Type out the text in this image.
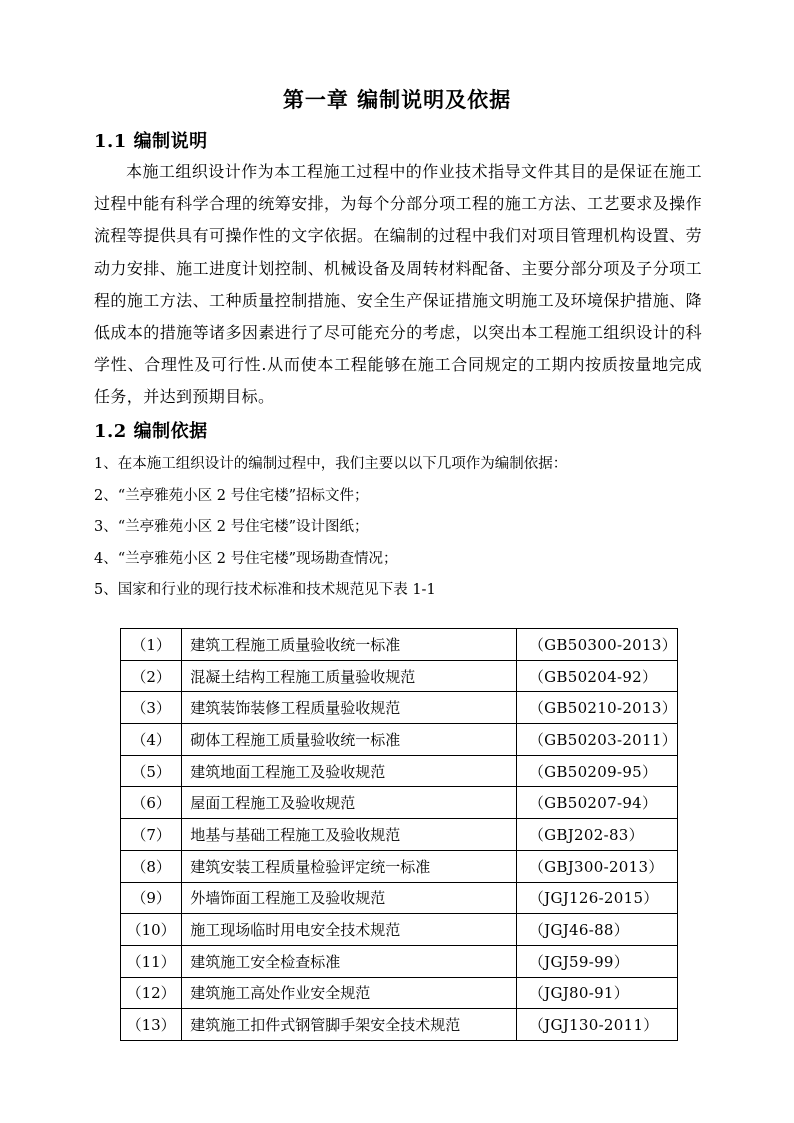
第一章 编制说明及依据
1.1 编制说明
本施工组织设计作为本工程施工过程中的作业技术指导文件其目的是保证在施工过程中能有科学合理的统筹安排，为每个分部分项工程的施工方法、工艺要求及操作流程等提供具有可操作性的文字依据。在编制的过程中我们对项目管理机构设置、劳动力安排、施工进度计划控制、机械设备及周转材料配备、主要分部分项及子分项工程的施工方法、工种质量控制措施、安全生产保证措施文明施工及环境保护措施、降低成本的措施等诸多因素进行了尽可能充分的考虑，以突出本工程施工组织设计的科学性、合理性及可行性.从而使本工程能够在施工合同规定的工期内按质按量地完成任务，并达到预期目标。
1.2 编制依据
1、在本施工组织设计的编制过程中，我们主要以以下几项作为编制依据：
2、“兰亭雅苑小区 2 号住宅楼”招标文件；
3、“兰亭雅苑小区 2 号住宅楼”设计图纸；
4、“兰亭雅苑小区 2 号住宅楼”现场勘查情况；
5、国家和行业的现行技术标准和技术规范见下表 1-1
（1）	建筑工程施工质量验收统一标准	（GB50300-2013）
（2）	混凝土结构工程施工质量验收规范	（GB50204-92）
（3）	建筑装饰装修工程质量验收规范	（GB50210-2013）
（4）	砌体工程施工质量验收统一标准	（GB50203-2011）
（5）	建筑地面工程施工及验收规范	（GB50209-95）
（6）	屋面工程施工及验收规范	（GB50207-94）
（7）	地基与基础工程施工及验收规范	（GBJ202-83）
（8）	建筑安装工程质量检验评定统一标准	（GBJ300-2013）
（9）	外墙饰面工程施工及验收规范	（JGJ126-2015）
（10）	施工现场临时用电安全技术规范	（JGJ46-88）
（11）	建筑施工安全检查标准	（JGJ59-99）
（12）	建筑施工高处作业安全规范	（JGJ80-91）
（13）	建筑施工扣件式钢管脚手架安全技术规范	（JGJ130-2011）
